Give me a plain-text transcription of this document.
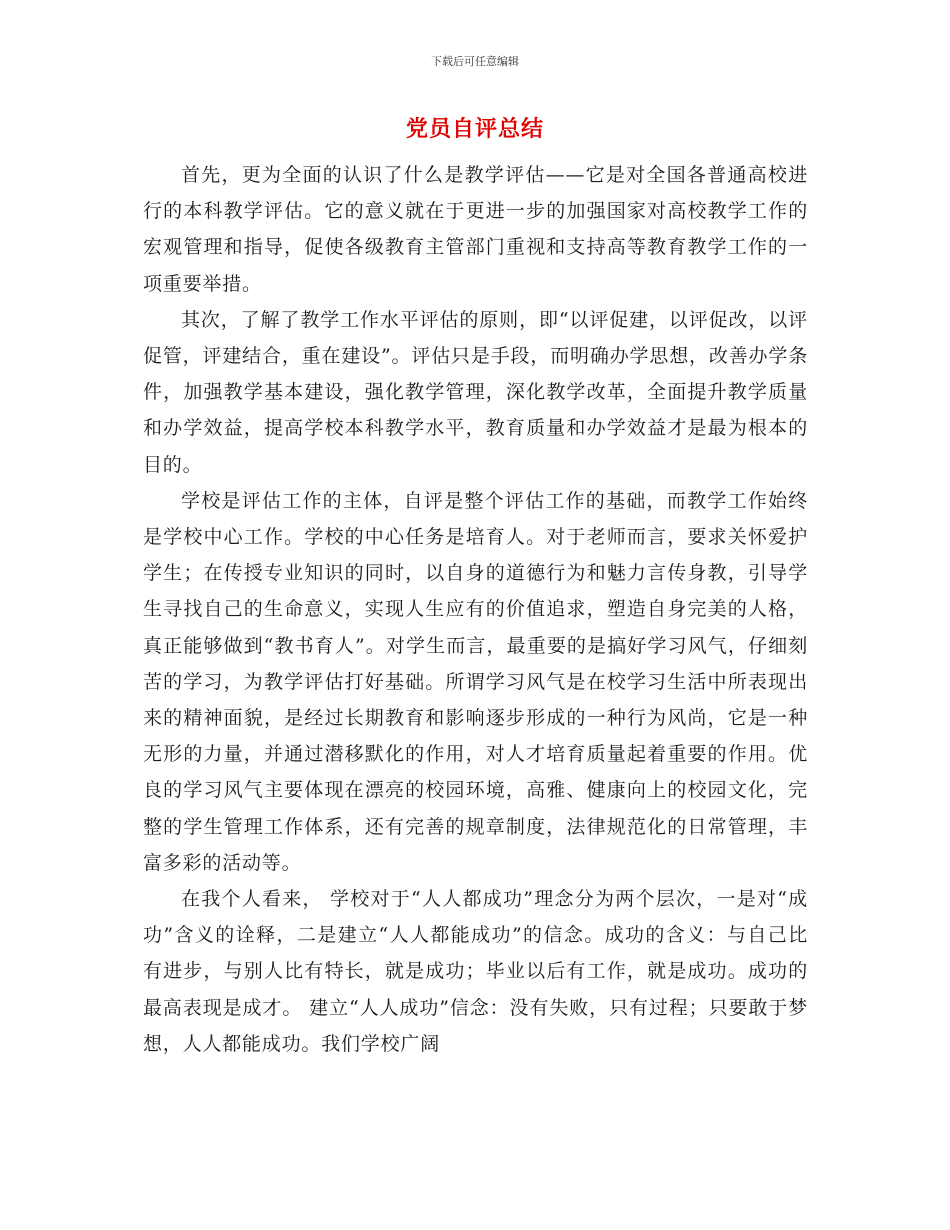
下载后可任意编辑
党员自评总结

首先，更为全面的认识了什么是教学评估——它是对全国各普通高校进行的本科教学评估。它的意义就在于更进一步的加强国家对高校教学工作的宏观管理和指导，促使各级教育主管部门重视和支持高等教育教学工作的一项重要举措。

其次，了解了教学工作水平评估的原则，即“以评促建，以评促改，以评促管，评建结合，重在建设”。评估只是手段，而明确办学思想，改善办学条件，加强教学基本建设，强化教学管理，深化教学改革，全面提升教学质量和办学效益，提高学校本科教学水平，教育质量和办学效益才是最为根本的目的。

学校是评估工作的主体，自评是整个评估工作的基础，而教学工作始终是学校中心工作。学校的中心任务是培育人。对于老师而言，要求关怀爱护学生；在传授专业知识的同时，以自身的道德行为和魅力言传身教，引导学生寻找自己的生命意义，实现人生应有的价值追求，塑造自身完美的人格，真正能够做到“教书育人”。对学生而言，最重要的是搞好学习风气，仔细刻苦的学习，为教学评估打好基础。所谓学习风气是在校学习生活中所表现出来的精神面貌，是经过长期教育和影响逐步形成的一种行为风尚，它是一种无形的力量，并通过潜移默化的作用，对人才培育质量起着重要的作用。优良的学习风气主要体现在漂亮的校园环境，高雅、健康向上的校园文化，完整的学生管理工作体系，还有完善的规章制度，法律规范化的日常管理，丰富多彩的活动等。

在我个人看来， 学校对于“人人都成功”理念分为两个层次，一是对“成功”含义的诠释，二是建立“人人都能成功”的信念。成功的含义：与自己比有进步，与别人比有特长，就是成功；毕业以后有工作，就是成功。成功的最高表现是成才。 建立“人人成功”信念：没有失败，只有过程；只要敢于梦想，人人都能成功。我们学校广阔
